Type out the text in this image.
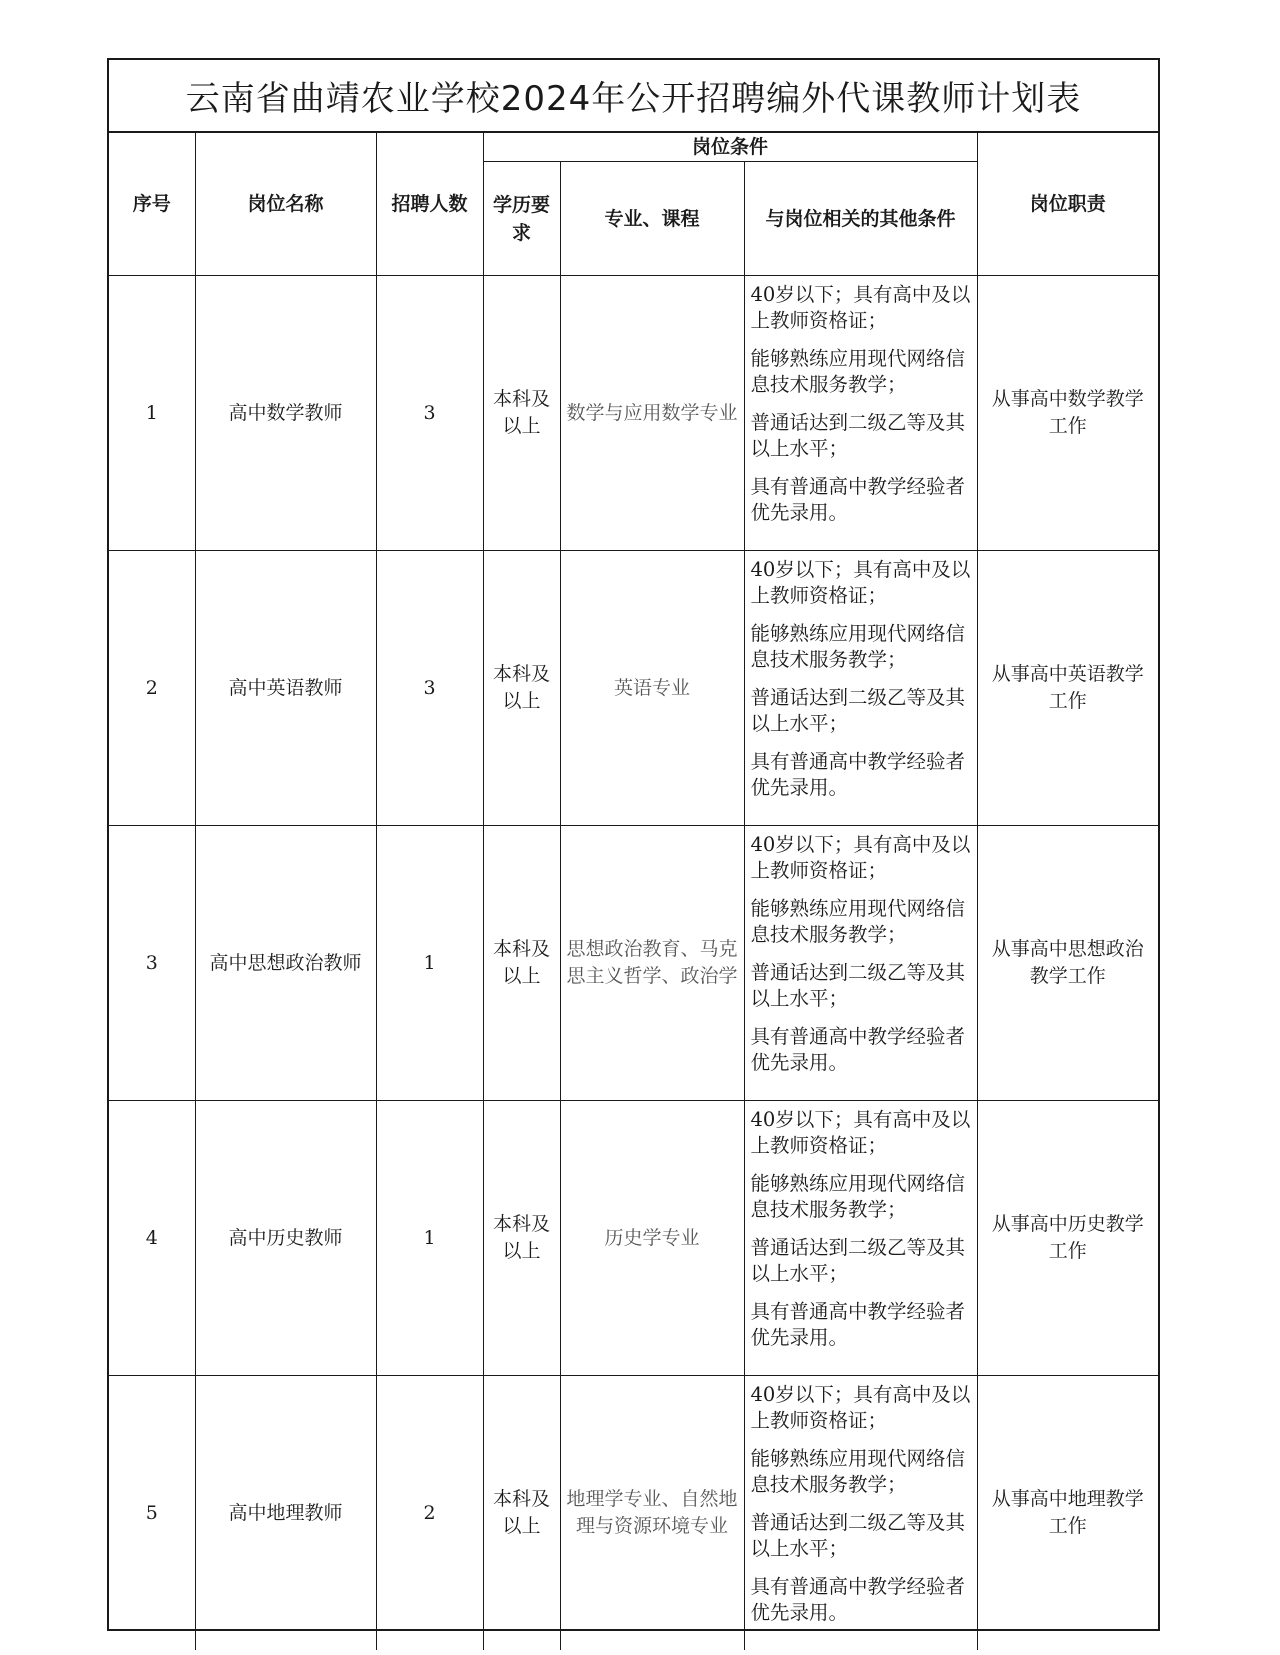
云南省曲靖农业学校2024年公开招聘编外代课教师计划表
序号	岗位名称	招聘人数	岗位条件			岗位职责
			学历要求	专业、课程	与岗位相关的其他条件	
1	高中数学教师	3	本科及以上	数学与应用数学专业	40岁以下；具有高中及以上教师资格证；

能够熟练应用现代网络信息技术服务教学；

普通话达到二级乙等及其以上水平；

具有普通高中教学经验者优先录用。	从事高中数学教学工作
2	高中英语教师	3	本科及以上	英语专业	40岁以下；具有高中及以上教师资格证；

能够熟练应用现代网络信息技术服务教学；

普通话达到二级乙等及其以上水平；

具有普通高中教学经验者优先录用。	从事高中英语教学工作
3	高中思想政治教师	1	本科及以上	思想政治教育、马克思主义哲学、政治学	40岁以下；具有高中及以上教师资格证；

能够熟练应用现代网络信息技术服务教学；

普通话达到二级乙等及其以上水平；

具有普通高中教学经验者优先录用。	从事高中思想政治教学工作
4	高中历史教师	1	本科及以上	历史学专业	40岁以下；具有高中及以上教师资格证；

能够熟练应用现代网络信息技术服务教学；

普通话达到二级乙等及其以上水平；

具有普通高中教学经验者优先录用。	从事高中历史教学工作
5	高中地理教师	2	本科及以上	地理学专业、自然地理与资源环境专业	40岁以下；具有高中及以上教师资格证；

能够熟练应用现代网络信息技术服务教学；

普通话达到二级乙等及其以上水平；

具有普通高中教学经验者优先录用。	从事高中地理教学工作
